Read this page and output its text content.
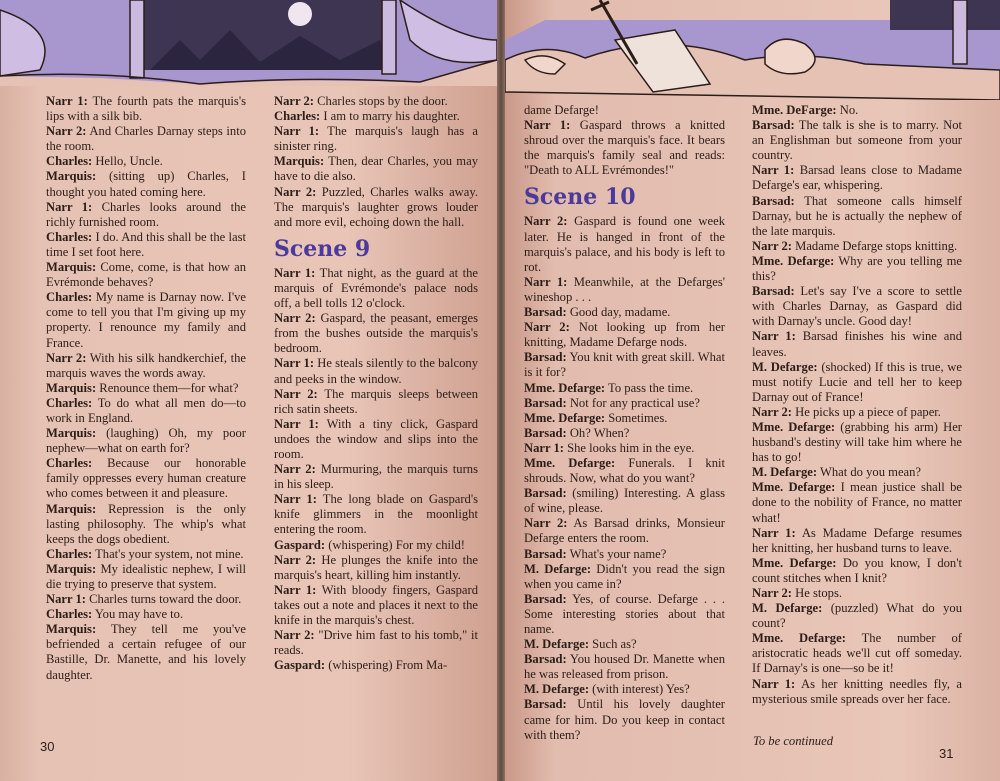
Narr 1: The fourth pats the marquis's lips with a silk bib.

Narr 2: And Charles Darnay steps into the room.

Charles: Hello, Uncle.

Marquis: (sitting up) Charles, I thought you hated coming here.

Narr 1: Charles looks around the richly furnished room.

Charles: I do. And this shall be the last time I set foot here.

Marquis: Come, come, is that how an Evrémonde behaves?

Charles: My name is Darnay now. I've come to tell you that I'm giving up my property. I renounce my family and France.

Narr 2: With his silk handkerchief, the marquis waves the words away.

Marquis: Renounce them—for what?

Charles: To do what all men do—to work in England.

Marquis: (laughing) Oh, my poor nephew—what on earth for?

Charles: Because our honorable family oppresses every human creature who comes between it and pleasure.

Marquis: Repression is the only lasting philosophy. The whip's what keeps the dogs obedient.

Charles: That's your system, not mine.

Marquis: My idealistic nephew, I will die trying to preserve that system.

Narr 1: Charles turns toward the door.

Charles: You may have to.

Marquis: They tell me you've befriended a certain refugee of our Bastille, Dr. Manette, and his lovely daughter.

Narr 2: Charles stops by the door.

Charles: I am to marry his daughter.

Narr 1: The marquis's laugh has a sinister ring.

Marquis: Then, dear Charles, you may have to die also.

Narr 2: Puzzled, Charles walks away. The marquis's laughter grows louder and more evil, echoing down the hall.

Scene 9

Narr 1: That night, as the guard at the marquis of Evrémonde's palace nods off, a bell tolls 12 o'clock.

Narr 2: Gaspard, the peasant, emerges from the bushes outside the marquis's bedroom.

Narr 1: He steals silently to the balcony and peeks in the window.

Narr 2: The marquis sleeps between rich satin sheets.

Narr 1: With a tiny click, Gaspard undoes the window and slips into the room.

Narr 2: Murmuring, the marquis turns in his sleep.

Narr 1: The long blade on Gaspard's knife glimmers in the moonlight entering the room.

Gaspard: (whispering) For my child!

Narr 2: He plunges the knife into the marquis's heart, killing him instantly.

Narr 1: With bloody fingers, Gaspard takes out a note and places it next to the knife in the marquis's chest.

Narr 2: "Drive him fast to his tomb," it reads.

Gaspard: (whispering) From Ma-

30

dame Defarge!

Narr 1: Gaspard throws a knitted shroud over the marquis's face. It bears the marquis's family seal and reads: "Death to ALL Evrémondes!"

Scene 10

Narr 2: Gaspard is found one week later. He is hanged in front of the marquis's palace, and his body is left to rot.

Narr 1: Meanwhile, at the Defarges' wineshop . . .

Barsad: Good day, madame.

Narr 2: Not looking up from her knitting, Madame Defarge nods.

Barsad: You knit with great skill. What is it for?

Mme. Defarge: To pass the time.

Barsad: Not for any practical use?

Mme. Defarge: Sometimes.

Barsad: Oh? When?

Narr 1: She looks him in the eye.

Mme. Defarge: Funerals. I knit shrouds. Now, what do you want?

Barsad: (smiling) Interesting. A glass of wine, please.

Narr 2: As Barsad drinks, Monsieur Defarge enters the room.

Barsad: What's your name?

M. Defarge: Didn't you read the sign when you came in?

Barsad: Yes, of course. Defarge . . . Some interesting stories about that name.

M. Defarge: Such as?

Barsad: You housed Dr. Manette when he was released from prison.

M. Defarge: (with interest) Yes?

Barsad: Until his lovely daughter came for him. Do you keep in contact with them?

Mme. DeFarge: No.

Barsad: The talk is she is to marry. Not an Englishman but someone from your country.

Narr 1: Barsad leans close to Madame Defarge's ear, whispering.

Barsad: That someone calls himself Darnay, but he is actually the nephew of the late marquis.

Narr 2: Madame Defarge stops knitting.

Mme. Defarge: Why are you telling me this?

Barsad: Let's say I've a score to settle with Charles Darnay, as Gaspard did with Darnay's uncle. Good day!

Narr 1: Barsad finishes his wine and leaves.

M. Defarge: (shocked) If this is true, we must notify Lucie and tell her to keep Darnay out of France!

Narr 2: He picks up a piece of paper.

Mme. Defarge: (grabbing his arm) Her husband's destiny will take him where he has to go!

M. Defarge: What do you mean?

Mme. Defarge: I mean justice shall be done to the nobility of France, no matter what!

Narr 1: As Madame Defarge resumes her knitting, her husband turns to leave.

Mme. Defarge: Do you know, I don't count stitches when I knit?

Narr 2: He stops.

M. Defarge: (puzzled) What do you count?

Mme. Defarge: The number of aristocratic heads we'll cut off someday. If Darnay's is one—so be it!

Narr 1: As her knitting needles fly, a mysterious smile spreads over her face.

To be continued
31
